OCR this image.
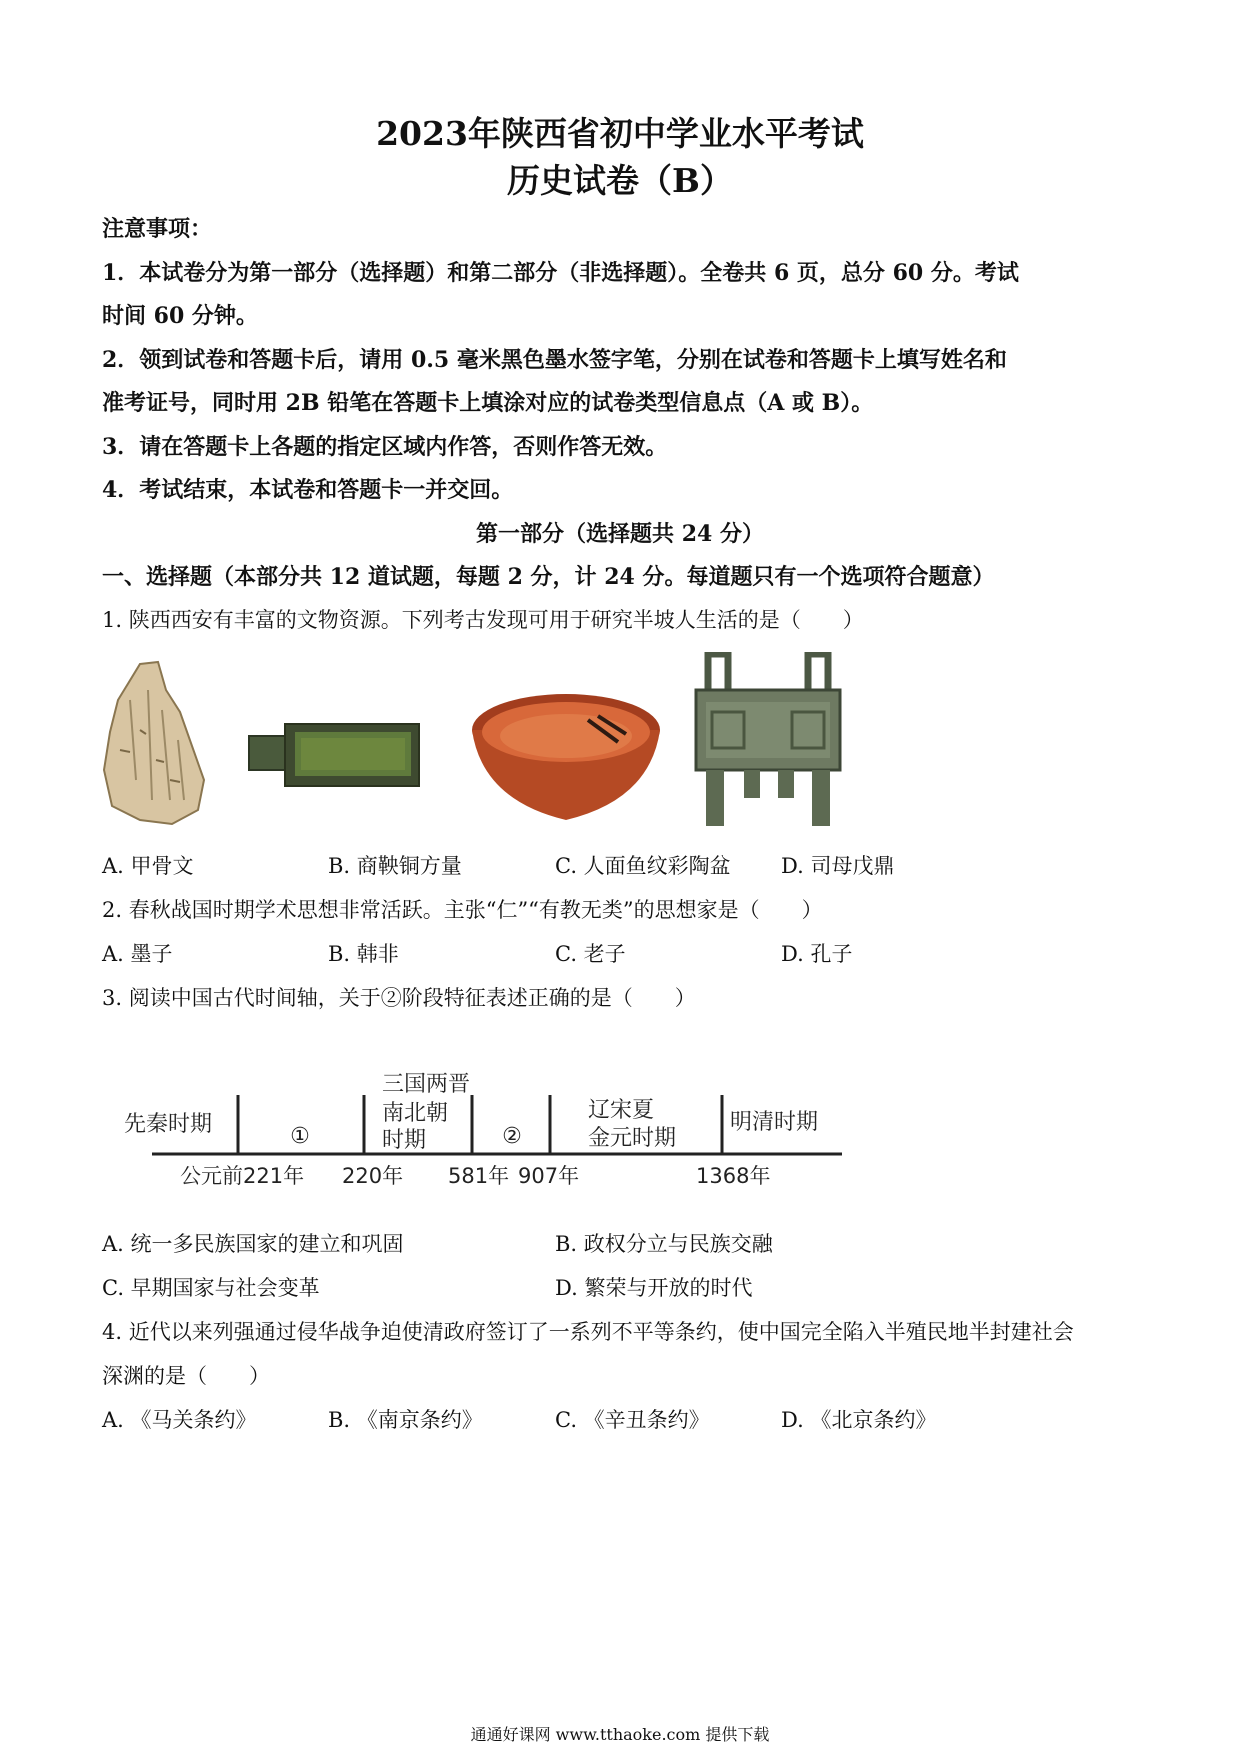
2023年陕西省初中学业水平考试
历史试卷（B）
注意事项：
1．本试卷分为第一部分（选择题）和第二部分（非选择题）。全卷共 6 页，总分 60 分。考试
时间 60 分钟。
2．领到试卷和答题卡后，请用 0.5 毫米黑色墨水签字笔，分别在试卷和答题卡上填写姓名和
准考证号，同时用 2B 铅笔在答题卡上填涂对应的试卷类型信息点（A 或 B）。
3．请在答题卡上各题的指定区域内作答，否则作答无效。
4．考试结束，本试卷和答题卡一并交回。
第一部分（选择题共 24 分）
一、选择题（本部分共 12 道试题，每题 2 分，计 24 分。每道题只有一个选项符合题意）
1. 陕西西安有丰富的文物资源。下列考古发现可用于研究半坡人生活的是（　　）
A. 甲骨文	B. 商鞅铜方量	C. 人面鱼纹彩陶盆 D. 司母戊鼎
2. 春秋战国时期学术思想非常活跃。主张“仁”“有教无类”的思想家是（　　）
A. 墨子	B. 韩非	C. 老子	D. 孔子
3. 阅读中国古代时间轴，关于②阶段特征表述正确的是（　　）
先秦时期	①
三国两晋
南北朝
时期	②
辽宋夏
金元时期
明清时期
公元前221年 220年 581年 907年	1368年
A. 统一多民族国家的建立和巩固	B. 政权分立与民族交融
C. 早期国家与社会变革	D. 繁荣与开放的时代
4. 近代以来列强通过侵华战争迫使清政府签订了一系列不平等条约，使中国完全陷入半殖民地半封建社会
深渊的是（　　）
A. 《马关条约》	B. 《南京条约》	C. 《辛丑条约》	D. 《北京条约》
通通好课网 www.tthaoke.com 提供下载
